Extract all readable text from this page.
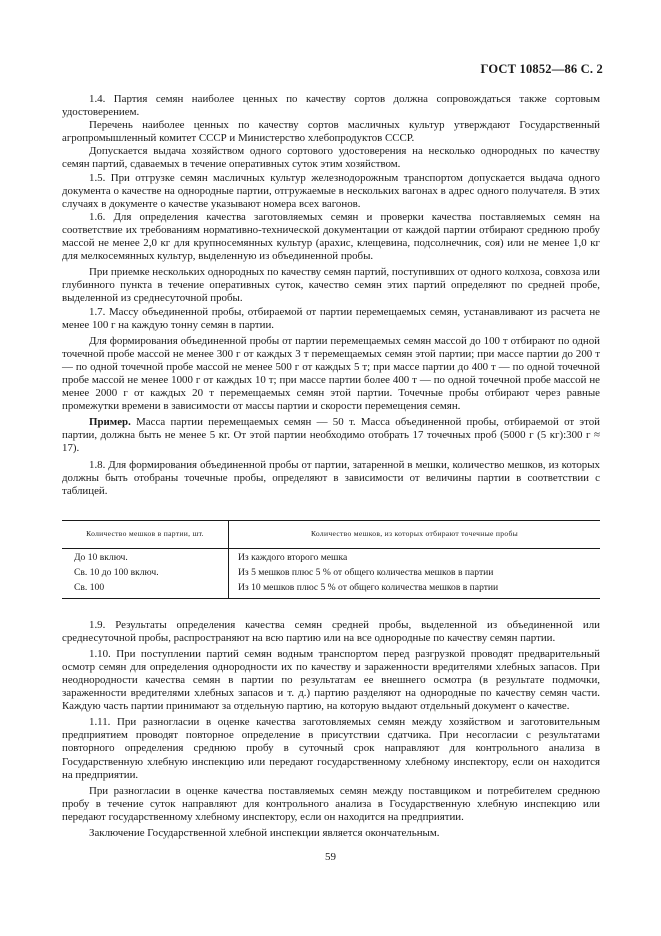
ГОСТ 10852—86 С. 2

1.4. Партия семян наиболее ценных по качеству сортов должна сопровождаться также сортовым удостоверением.

Перечень наиболее ценных по качеству сортов масличных культур утверждают Государственный агропромышленный комитет СССР и Министерство хлебопродуктов СССР.

Допускается выдача хозяйством одного сортового удостоверения на несколько однородных по качеству семян партий, сдаваемых в течение оперативных суток этим хозяйством.

1.5. При отгрузке семян масличных культур железнодорожным транспортом допускается выдача одного документа о качестве на однородные партии, отгружаемые в нескольких вагонах в адрес одного получателя. В этих случаях в документе о качестве указывают номера всех вагонов.

1.6. Для определения качества заготовляемых семян и проверки качества поставляемых семян на соответствие их требованиям нормативно-технической документации от каждой партии отбирают среднюю пробу массой не менее 2,0 кг для крупносемянных культур (арахис, клещевина, подсолнечник, соя) или не менее 1,0 кг для мелкосемянных культур, выделенную из объединенной пробы.

При приемке нескольких однородных по качеству семян партий, поступивших от одного колхоза, совхоза или глубинного пункта в течение оперативных суток, качество семян этих партий определяют по средней пробе, выделенной из среднесуточной пробы.

1.7. Массу объединенной пробы, отбираемой от партии перемещаемых семян, устанавливают из расчета не менее 100 г на каждую тонну семян в партии.

Для формирования объединенной пробы от партии перемещаемых семян массой до 100 т отбирают по одной точечной пробе массой не менее 300 г от каждых 3 т перемещаемых семян этой партии; при массе партии до 200 т — по одной точечной пробе массой не менее 500 г от каждых 5 т; при массе партии до 400 т — по одной точечной пробе массой не менее 1000 г от каждых 10 т; при массе партии более 400 т — по одной точечной пробе массой не менее 2000 г от каждых 20 т перемещаемых семян этой партии. Точечные пробы отбирают через равные промежутки времени в зависимости от массы партии и скорости перемещения семян.

Пример. Масса партии перемещаемых семян — 50 т. Масса объединенной пробы, отбираемой от этой партии, должна быть не менее 5 кг. От этой партии необходимо отобрать 17 точечных проб (5000 г (5 кг):300 г ≈ 17).

1.8. Для формирования объединенной пробы от партии, затаренной в мешки, количество мешков, из которых должны быть отобраны точечные пробы, определяют в зависимости от величины партии в соответствии с таблицей.

Количество мешков в партии, шт.	Количество мешков, из которых отбирают точечные пробы
До 10 включ.	Из каждого второго мешка
Св. 10 до 100 включ.	Из 5 мешков плюс 5 % от общего количества мешков в партии
Св. 100	Из 10 мешков плюс 5 % от общего количества мешков в партии

1.9. Результаты определения качества семян средней пробы, выделенной из объединенной или среднесуточной пробы, распространяют на всю партию или на все однородные по качеству семян партии.

1.10. При поступлении партий семян водным транспортом перед разгрузкой проводят предварительный осмотр семян для определения однородности их по качеству и зараженности вредителями хлебных запасов. При неоднородности качества семян в партии по результатам ее внешнего осмотра (в результате подмочки, зараженности вредителями хлебных запасов и т. д.) партию разделяют на однородные по качеству семян части. Каждую часть партии принимают за отдельную партию, на которую выдают отдельный документ о качестве.

1.11. При разногласии в оценке качества заготовляемых семян между хозяйством и заготовительным предприятием проводят повторное определение в присутствии сдатчика. При несогласии с результатами повторного определения среднюю пробу в суточный срок направляют для контрольного анализа в Государственную хлебную инспекцию или передают государственному хлебному инспектору, если он находится на предприятии.

При разногласии в оценке качества поставляемых семян между поставщиком и потребителем среднюю пробу в течение суток направляют для контрольного анализа в Государственную хлебную инспекцию или передают государственному хлебному инспектору, если он находится на предприятии.

Заключение Государственной хлебной инспекции является окончательным.

59
